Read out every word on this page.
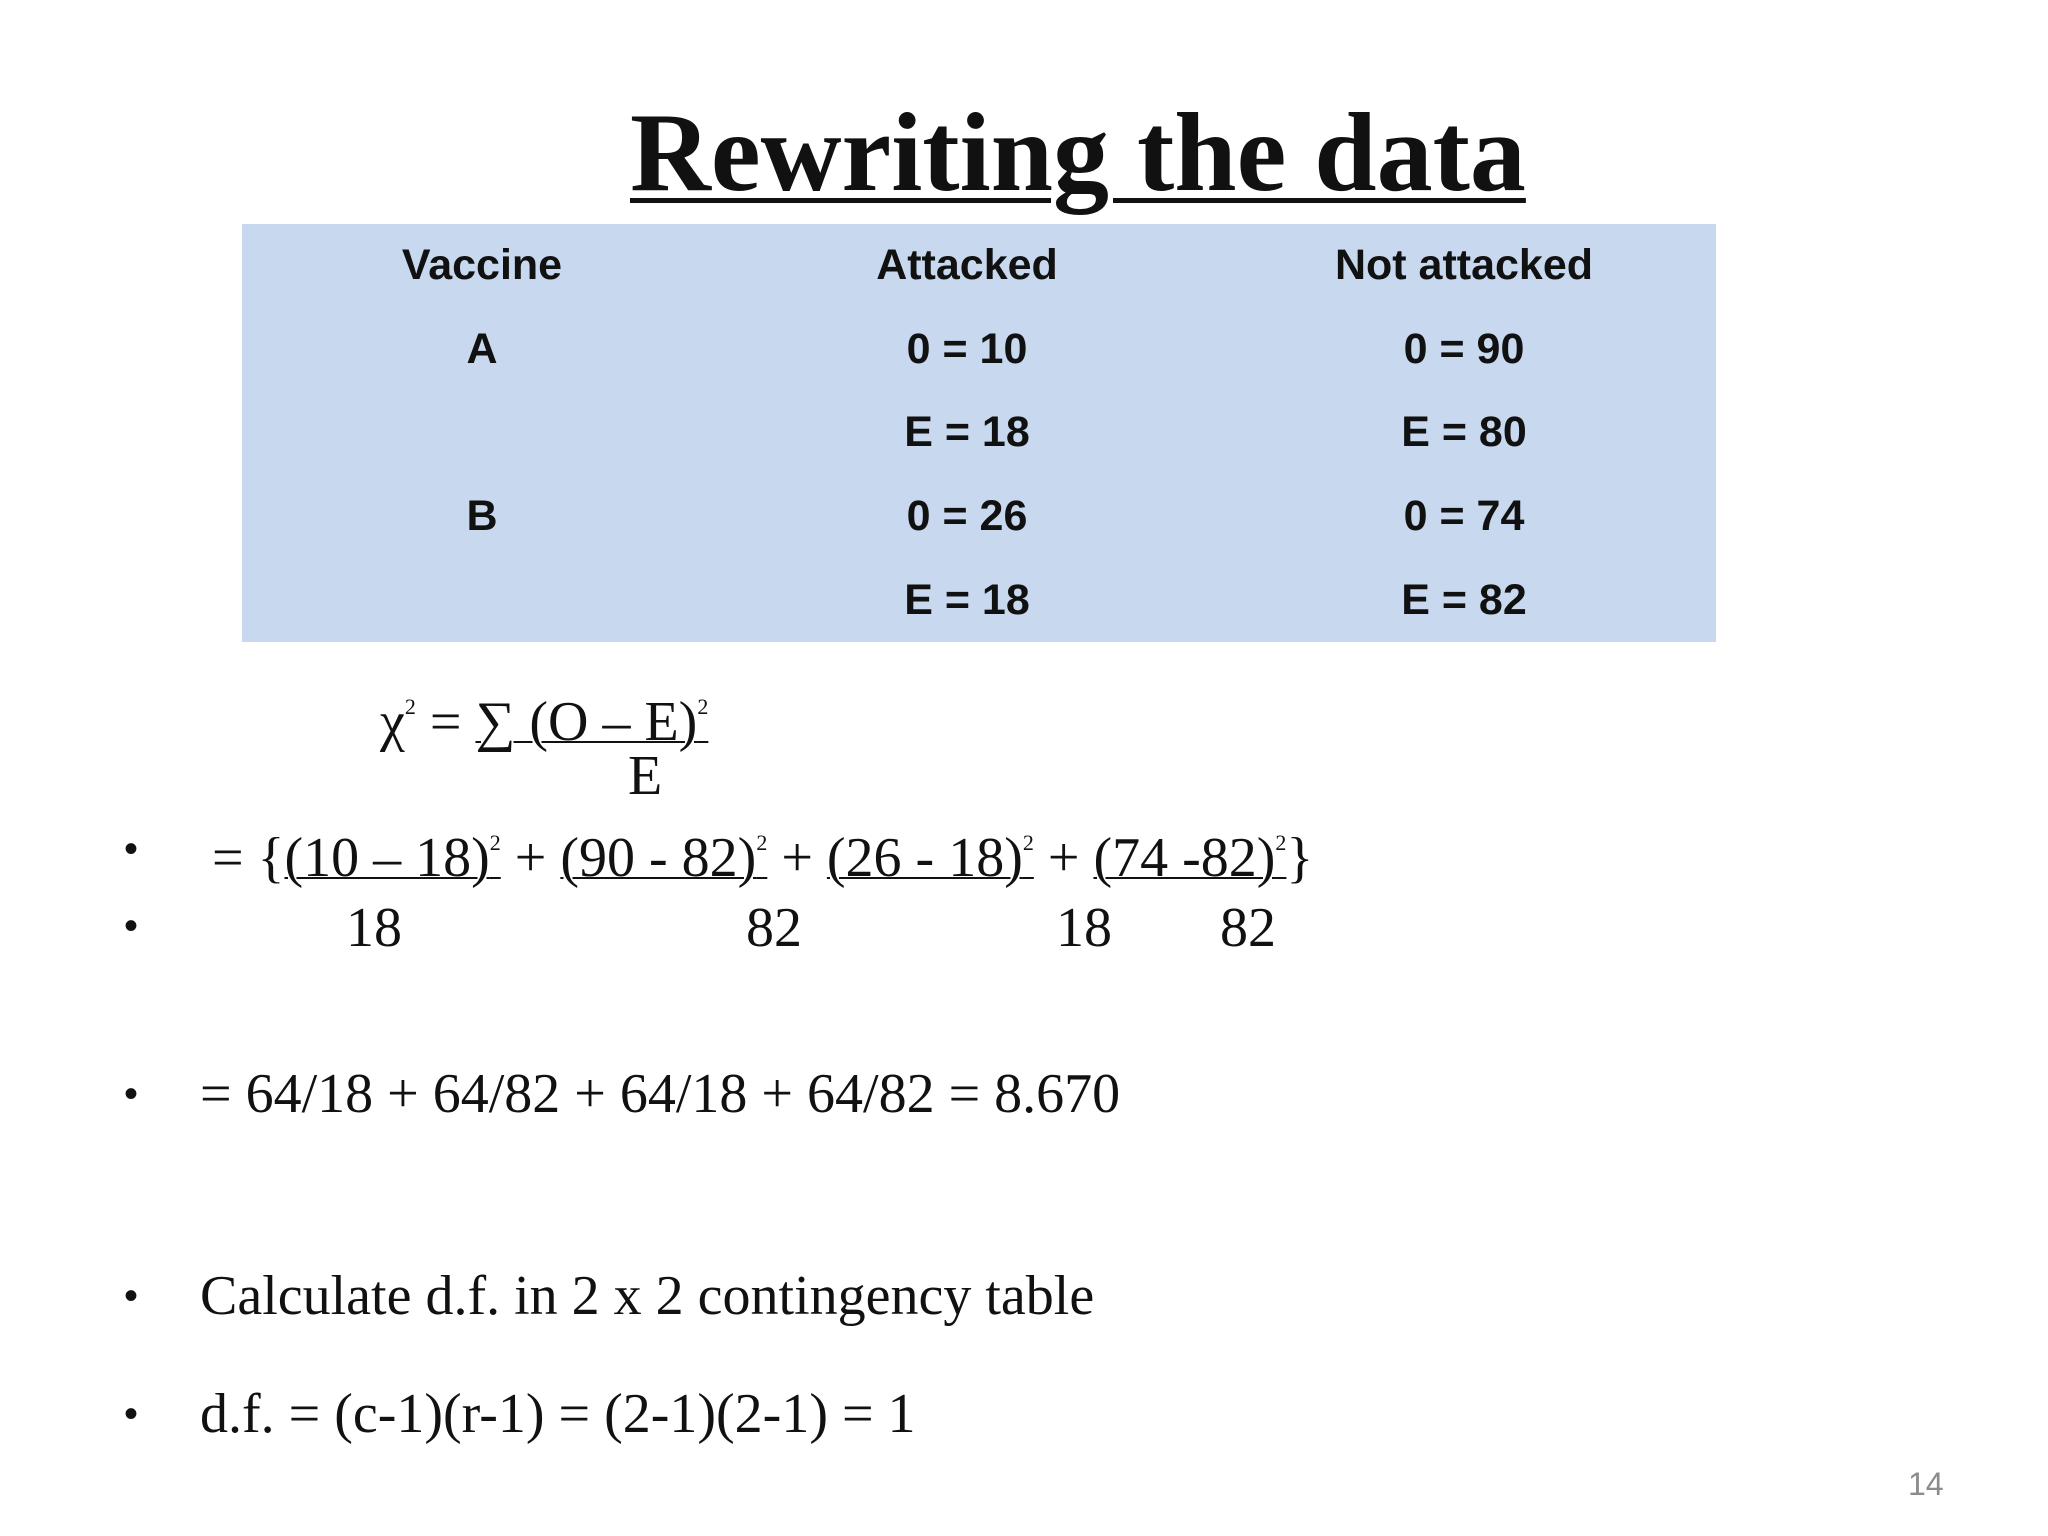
Rewriting the data
Vaccine	Attacked	Not attacked
A	0 = 10	0 = 90
	E = 18	E = 80
B	0 = 26	0 = 74
	E = 18	E = 82
$\chi^2$ = ∑ (O – E)$^2$
E
• = {(10 – 18)$^2$ + (90 - 82)$^2$ + (26 - 18)$^2$ + (74 -82)$^2$}
•	18	82	18 82
• = 64/18 + 64/82 + 64/18 + 64/82 = 8.670
• Calculate d.f. in 2 x 2 contingency table
• d.f. = (c-1)(r-1) = (2-1)(2-1) = 1
14
